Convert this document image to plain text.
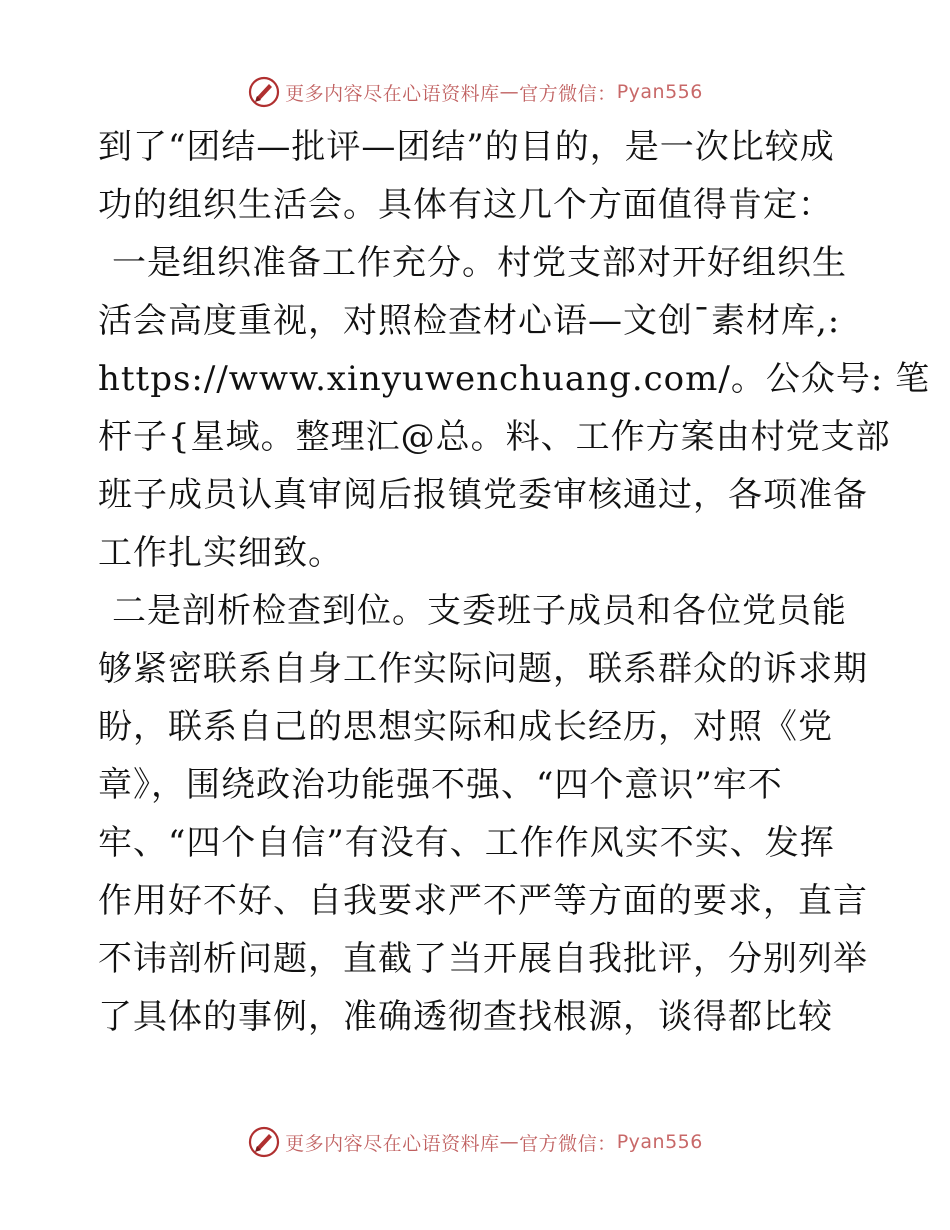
更多内容尽在心语资料库 — 官方微信： Pyan556
到了“团结—批评—团结”的目的，是一次比较成
功的组织生活会。具体有这几个方面值得肯定：
一是组织准备工作充分。村党支部对开好组织生
活会高度重视，对照检查材心语—文创¯素材库,:
https://www.xinyuwenchuang.com/。公众号: 笔
杆子{星域。整理汇@总。料、工作方案由村党支部
班子成员认真审阅后报镇党委审核通过，各项准备
工作扎实细致。
二是剖析检查到位。支委班子成员和各位党员能
够紧密联系自身工作实际问题，联系群众的诉求期
盼，联系自己的思想实际和成长经历，对照《党
章》，围绕政治功能强不强、“四个意识”牢不
牢、“四个自信”有没有、工作作风实不实、发挥
作用好不好、自我要求严不严等方面的要求，直言
不讳剖析问题，直截了当开展自我批评，分别列举
了具体的事例，准确透彻查找根源，谈得都比较
更多内容尽在心语资料库 — 官方微信： Pyan556
